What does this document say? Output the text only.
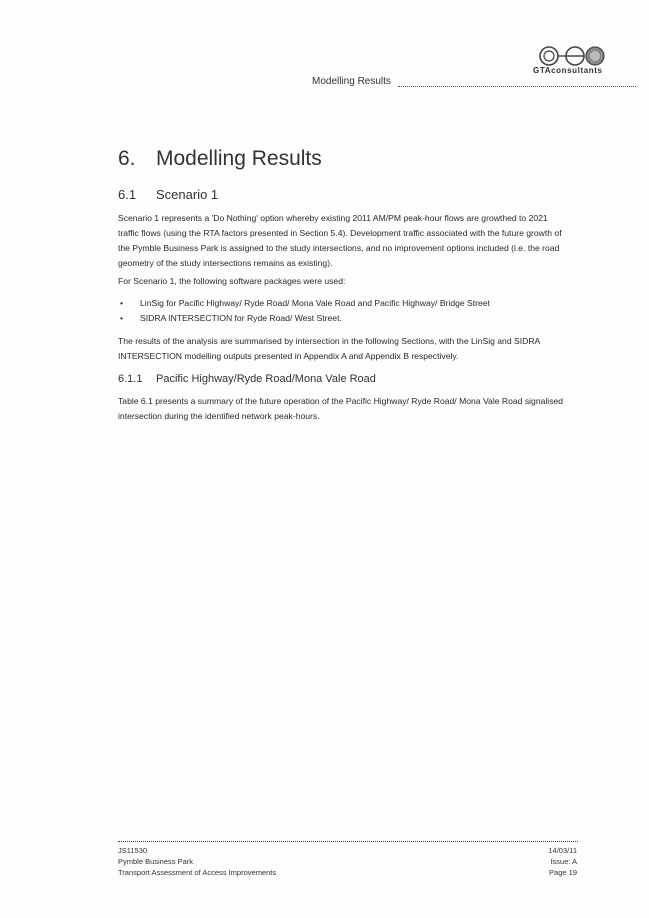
GTAconsultants
Modelling Results
6. Modelling Results
6.1 Scenario 1
Scenario 1 represents a 'Do Nothing' option whereby existing 2011 AM/PM peak-hour flows are growthed to 2021 traffic flows (using the RTA factors presented in Section 5.4). Development traffic associated with the future growth of the Pymble Business Park is assigned to the study intersections, and no improvement options included (i.e. the road geometry of the study intersections remains as existing).
For Scenario 1, the following software packages were used:
• LinSig for Pacific Highway/ Ryde Road/ Mona Vale Road and Pacific Highway/ Bridge Street
• SIDRA INTERSECTION for Ryde Road/ West Street.
The results of the analysis are summarised by intersection in the following Sections, with the LinSig and SIDRA INTERSECTION modelling outputs presented in Appendix A and Appendix B respectively.
6.1.1 Pacific Highway/Ryde Road/Mona Vale Road
Table 6.1 presents a summary of the future operation of the Pacific Highway/ Ryde Road/ Mona Vale Road signalised intersection during the identified network peak-hours.
JS11530
Pymble Business Park
Transport Assessment of Access Improvements
14/03/11
Issue: A
Page 19
